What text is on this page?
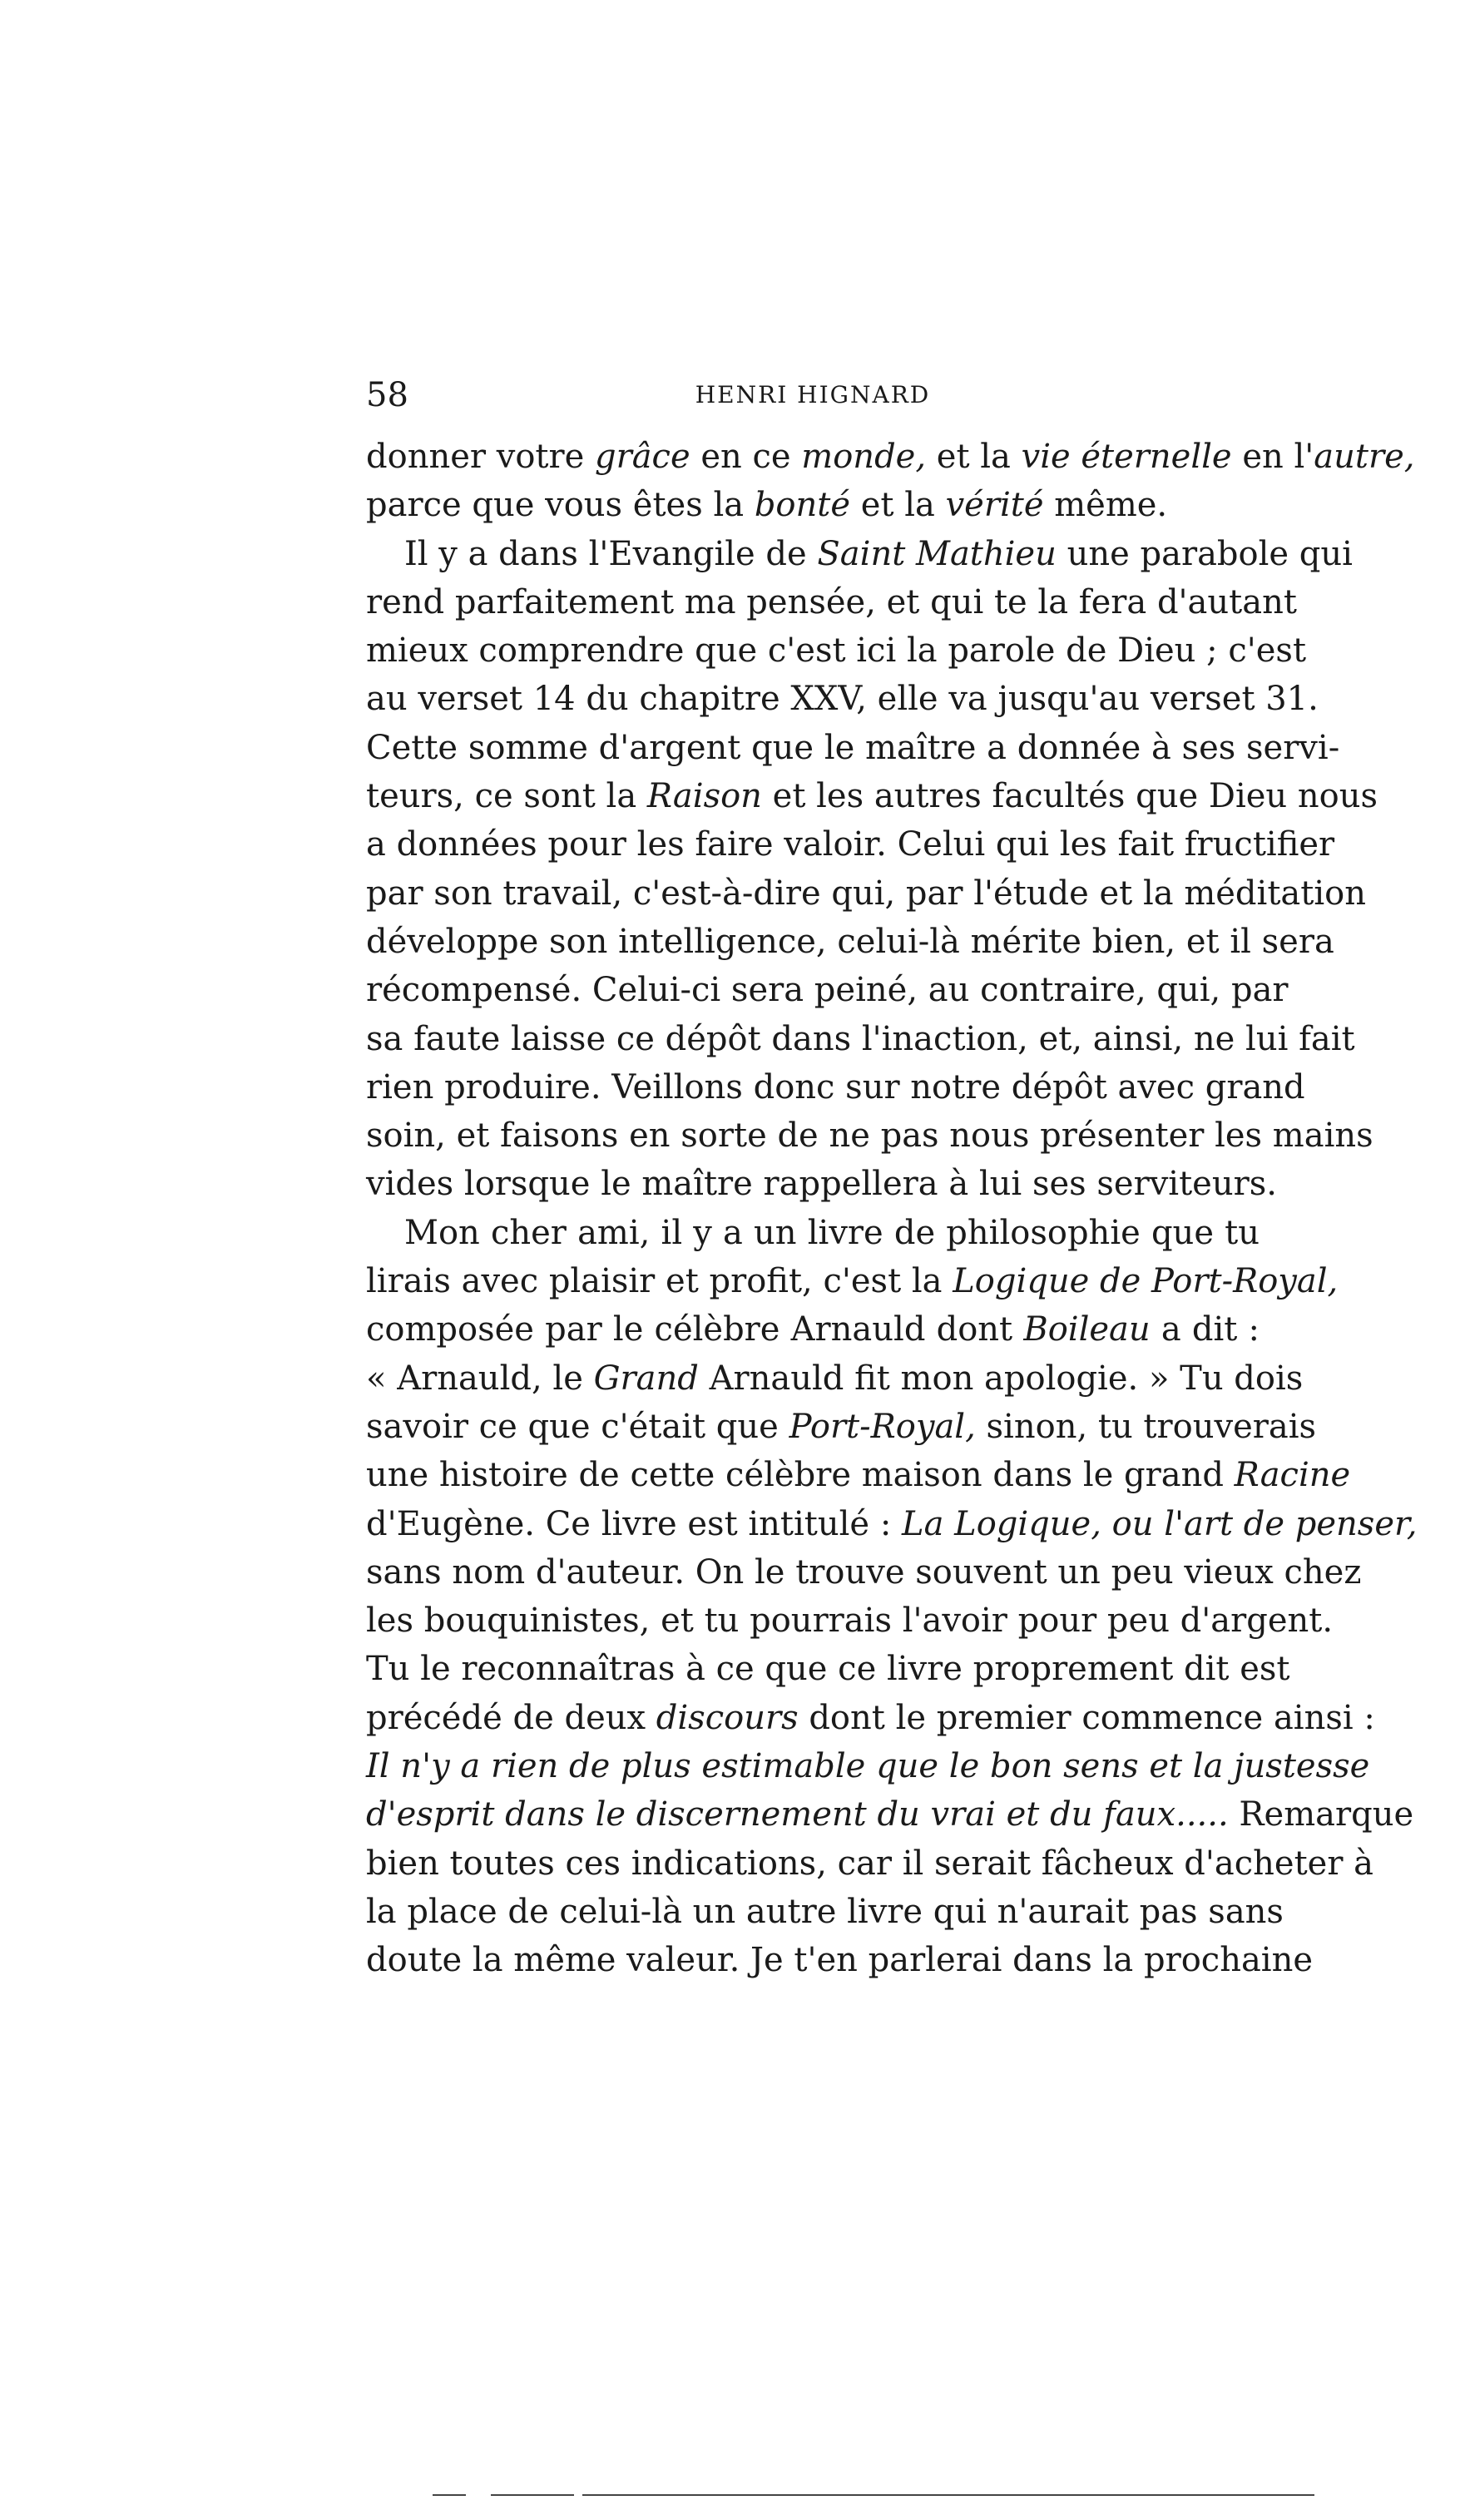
58	HENRI HIGNARD
donner votre grâce en ce monde, et la vie éternelle en l'autre,
parce que vous êtes la bonté et la vérité même.
Il y a dans l'Evangile de Saint Mathieu une parabole qui
rend parfaitement ma pensée, et qui te la fera d'autant
mieux comprendre que c'est ici la parole de Dieu ; c'est
au verset 14 du chapitre XXV, elle va jusqu'au verset 31.
Cette somme d'argent que le maître a donnée à ses servi-
teurs, ce sont la Raison et les autres facultés que Dieu nous
a données pour les faire valoir. Celui qui les fait fructifier
par son travail, c'est-à-dire qui, par l'étude et la méditation
développe son intelligence, celui-là mérite bien, et il sera
récompensé. Celui-ci sera peiné, au contraire, qui, par
sa faute laisse ce dépôt dans l'inaction, et, ainsi, ne lui fait
rien produire. Veillons donc sur notre dépôt avec grand
soin, et faisons en sorte de ne pas nous présenter les mains
vides lorsque le maître rappellera à lui ses serviteurs.
Mon cher ami, il y a un livre de philosophie que tu
lirais avec plaisir et profit, c'est la Logique de Port-Royal,
composée par le célèbre Arnauld dont Boileau a dit :
« Arnauld, le Grand Arnauld fit mon apologie. » Tu dois
savoir ce que c'était que Port-Royal, sinon, tu trouverais
une histoire de cette célèbre maison dans le grand Racine
d'Eugène. Ce livre est intitulé : La Logique, ou l'art de penser,
sans nom d'auteur. On le trouve souvent un peu vieux chez
les bouquinistes, et tu pourrais l'avoir pour peu d'argent.
Tu le reconnaîtras à ce que ce livre proprement dit est
précédé de deux discours dont le premier commence ainsi :
Il n'y a rien de plus estimable que le bon sens et la justesse
d'esprit dans le discernement du vrai et du faux..... Remarque
bien toutes ces indications, car il serait fâcheux d'acheter à
la place de celui-là un autre livre qui n'aurait pas sans
doute la même valeur. Je t'en parlerai dans la prochaine
